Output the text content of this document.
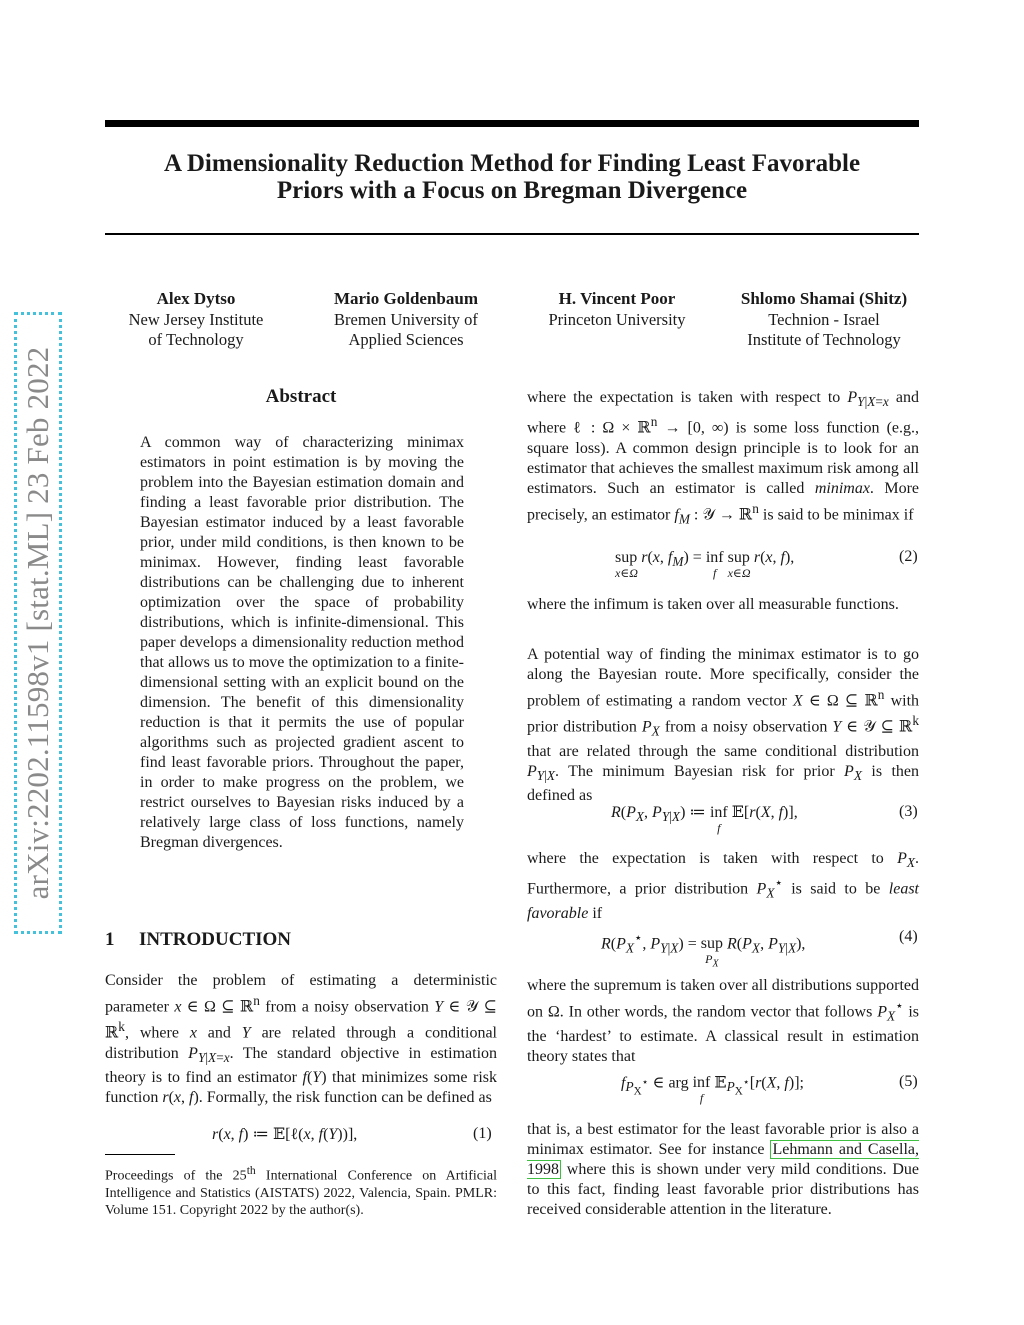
arXiv:2202.11598v1 [stat.ML] 23 Feb 2022
A Dimensionality Reduction Method for Finding Least Favorable
Priors with a Focus on Bregman Divergence
Alex Dytso
New Jersey Institute
of Technology
Mario Goldenbaum
Bremen University of
Applied Sciences
H. Vincent Poor
Princeton University
Shlomo Shamai (Shitz)
Technion - Israel
Institute of Technology
Abstract

A common way of characterizing minimax estimators in point estimation is by moving the problem into the Bayesian estimation domain and finding a least favorable prior distribution. The Bayesian estimator induced by a least favorable prior, under mild conditions, is then known to be minimax. However, finding least favorable distributions can be challenging due to inherent optimization over the space of probability distributions, which is infinite-dimensional. This paper develops a dimensionality reduction method that allows us to move the optimization to a finite-dimensional setting with an explicit bound on the dimension. The benefit of this dimensionality reduction is that it permits the use of popular algorithms such as projected gradient ascent to find least favorable priors. Throughout the paper, in order to make progress on the problem, we restrict ourselves to Bayesian risks induced by a relatively large class of loss functions, namely Bregman divergences.

1 INTRODUCTION

Consider the problem of estimating a deterministic parameter x ∈ Ω ⊆ ℝ$^n$ from a noisy observation Y ∈ 𝒴 ⊆ ℝ$^k$, where x and Y are related through a conditional distribution $P_{Y|X=x}$. The standard objective in estimation theory is to find an estimator f(Y) that minimizes some risk function r(x, f). Formally, the risk function can be defined as

r(x, f) ≔ 𝔼[ℓ(x, f(Y))],	(1)

Proceedings of the 25th International Conference on Artificial Intelligence and Statistics (AISTATS) 2022, Valencia, Spain. PMLR: Volume 151. Copyright 2022 by the author(s).

where the expectation is taken with respect to $P_{Y|X=x}$ and where ℓ : Ω × ℝ$^n$ → [0, ∞) is some loss function (e.g., square loss). A common design principle is to look for an estimator that achieves the smallest maximum risk among all estimators. Such an estimator is called minimax. More precisely, an estimator $f_M$ : 𝒴 → ℝ$^n$ is said to be minimax if

sup
x∈Ω
r(x, $f_M$) = inf
f
sup
x∈Ω
r(x, f),	(2)

where the infimum is taken over all measurable functions.

A potential way of finding the minimax estimator is to go along the Bayesian route. More specifically, consider the problem of estimating a random vector X ∈ Ω ⊆ ℝ$^n$ with prior distribution $P_X$ from a noisy observation Y ∈ 𝒴 ⊆ ℝ$^k$ that are related through the same conditional distribution $P_{Y|X}$. The minimum Bayesian risk for prior $P_X$ is then defined as

$R(P_X$, $P_{Y|X}$) ≔ inf
f
𝔼[r(X, f)],	(3)

where the expectation is taken with respect to $P_X$. Furthermore, a prior distribution $P_X^⋆$ is said to be least favorable if

$R(P_X^⋆$, $P_{Y|X}$) = sup
$P_X$
$R(P_X$, $P_{Y|X}$),	(4)

where the supremum is taken over all distributions supported on Ω. In other words, the random vector that follows $P_X^⋆$ is the ‘hardest’ to estimate. A classical result in estimation theory states that

$f_{P_X^⋆}$ ∈ arg inf
f
𝔼$_{P_X^⋆}$[r(X, f)];	(5)

that is, a best estimator for the least favorable prior is also a minimax estimator. See for instance Lehmann and Casella, 1998 where this is shown under very mild conditions. Due to this fact, finding least favorable prior distributions has received considerable attention in the literature.
